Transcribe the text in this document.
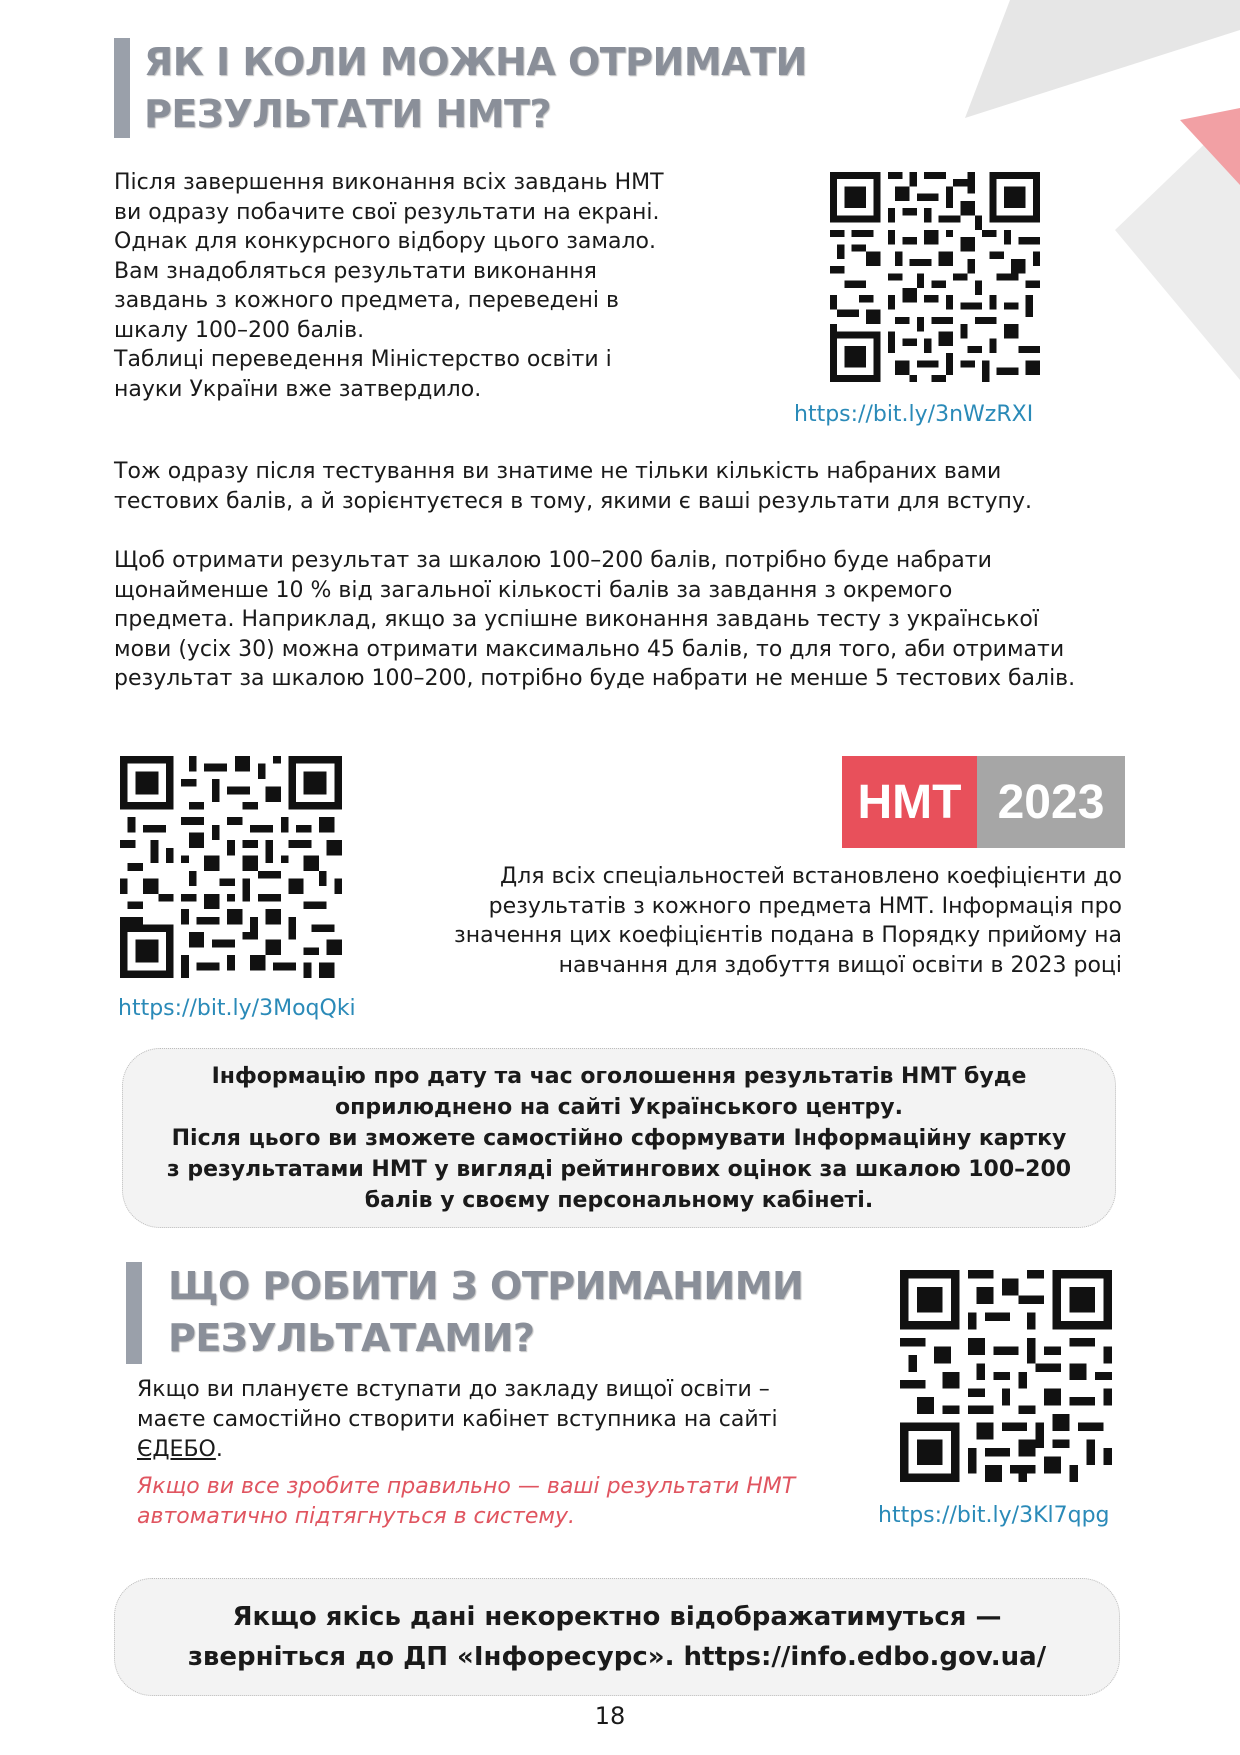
ЯК І КОЛИ МОЖНА ОТРИМАТИ
РЕЗУЛЬТАТИ НМТ?
Після завершення виконання всіх завдань НМТ
ви одразу побачите свої результати на екрані.
Однак для конкурсного відбору цього замало.
Вам знадобляться результати виконання
завдань з кожного предмета, переведені в
шкалу 100–200 балів.
Таблиці переведення Міністерство освіти і
науки України вже затвердило.
https://bit.ly/3nWzRXI
Тож одразу після тестування ви знатиме не тільки кількість набраних вами
тестових балів, а й зорієнтуєтеся в тому, якими є ваші результати для вступу.
Щоб отримати результат за шкалою 100–200 балів, потрібно буде набрати
щонайменше 10 % від загальної кількості балів за завдання з окремого
предмета. Наприклад, якщо за успішне виконання завдань тесту з української
мови (усіх 30) можна отримати максимально 45 балів, то для того, аби отримати
результат за шкалою 100–200, потрібно буде набрати не менше 5 тестових балів.
https://bit.ly/3MoqQki
НМТ 2023
Для всіх спеціальностей встановлено коефіцієнти до
результатів з кожного предмета НМТ. Інформація про
значення цих коефіцієнтів подана в Порядку прийому на
навчання для здобуття вищої освіти в 2023 році
Інформацію про дату та час оголошення результатів НМТ буде
оприлюднено на сайті Українського центру.
Після цього ви зможете самостійно сформувати Інформаційну картку
з результатами НМТ у вигляді рейтингових оцінок за шкалою 100–200
балів у своєму персональному кабінеті.
ЩО РОБИТИ З ОТРИМАНИМИ
РЕЗУЛЬТАТАМИ?
Якщо ви плануєте вступати до закладу вищої освіти –
маєте самостійно створити кабінет вступника на сайті
ЄДЕБО.
Якщо ви все зробите правильно — ваші результати НМТ
автоматично підтягнуться в систему.	https://bit.ly/3Kl7qpg
Якщо якісь дані некоректно відображатимуться —
зверніться до ДП «Інфоресурс». https://info.edbo.gov.ua/
18
